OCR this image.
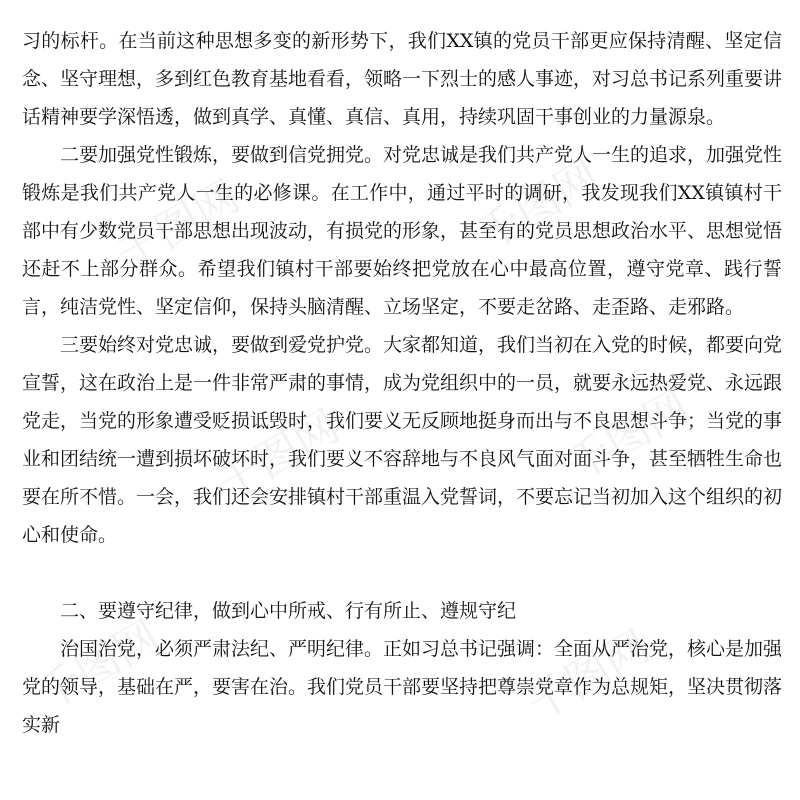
千图网	千图网
千图网	千图网
千图网	千图网

习的标杆。在当前这种思想多变的新形势下，我们XX镇的党员干部更应保持清醒、坚定信念、坚守理想，多到红色教育基地看看，领略一下烈士的感人事迹，对习总书记系列重要讲话精神要学深悟透，做到真学、真懂、真信、真用，持续巩固干事创业的力量源泉。

二要加强党性锻炼，要做到信党拥党。对党忠诚是我们共产党人一生的追求，加强党性锻炼是我们共产党人一生的必修课。在工作中，通过平时的调研，我发现我们XX镇镇村干部中有少数党员干部思想出现波动，有损党的形象，甚至有的党员思想政治水平、思想觉悟还赶不上部分群众。希望我们镇村干部要始终把党放在心中最高位置，遵守党章、践行誓言，纯洁党性、坚定信仰，保持头脑清醒、立场坚定，不要走岔路、走歪路、走邪路。

三要始终对党忠诚，要做到爱党护党。大家都知道，我们当初在入党的时候，都要向党宣誓，这在政治上是一件非常严肃的事情，成为党组织中的一员，就要永远热爱党、永远跟党走，当党的形象遭受贬损诋毁时，我们要义无反顾地挺身而出与不良思想斗争；当党的事业和团结统一遭到损坏破坏时，我们要义不容辞地与不良风气面对面斗争，甚至牺牲生命也要在所不惜。一会，我们还会安排镇村干部重温入党誓词，不要忘记当初加入这个组织的初心和使命。

二、要遵守纪律，做到心中所戒、行有所止、遵规守纪

治国治党，必须严肃法纪、严明纪律。正如习总书记强调：全面从严治党，核心是加强党的领导，基础在严，要害在治。我们党员干部要坚持把尊崇党章作为总规矩，坚决贯彻落实新
